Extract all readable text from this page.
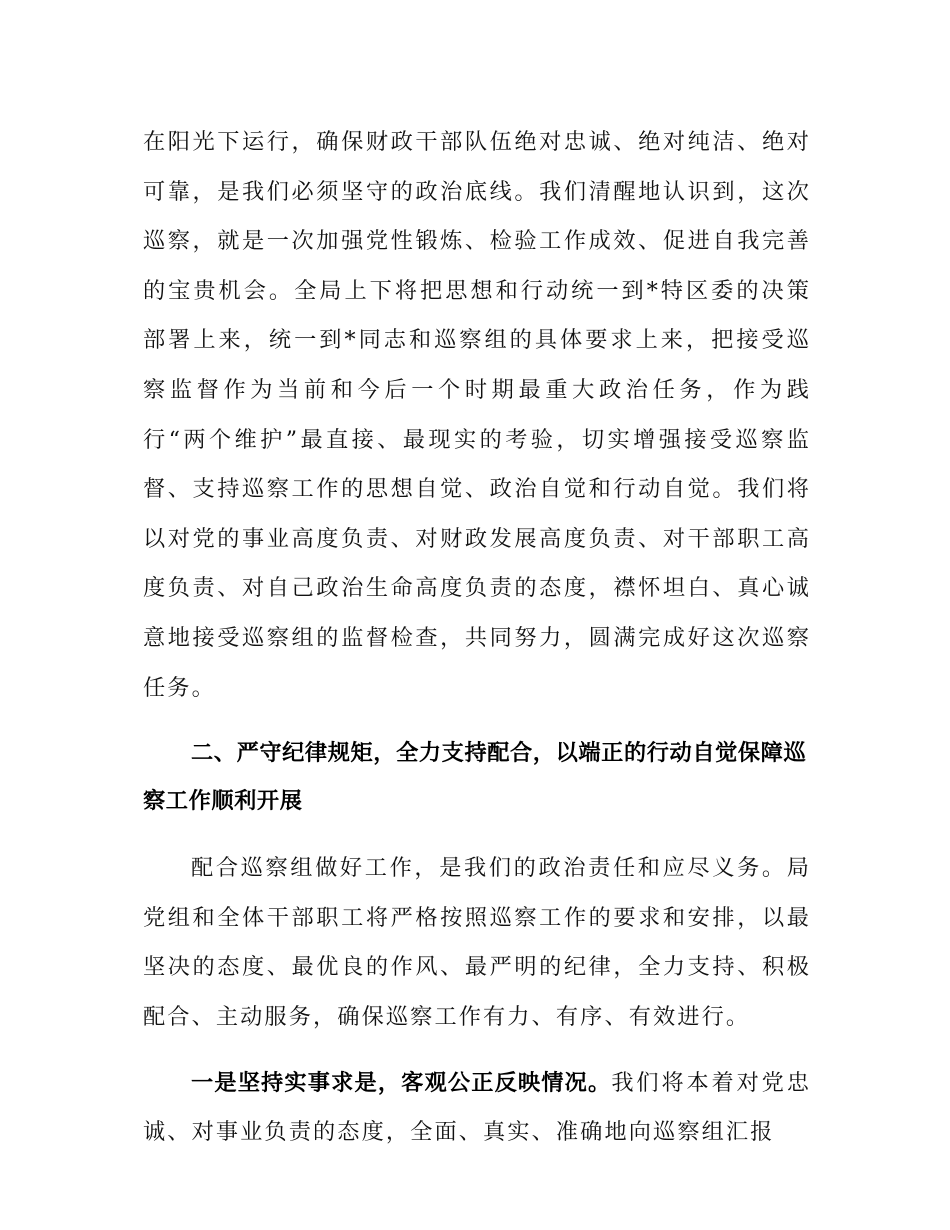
在阳光下运行，确保财政干部队伍绝对忠诚、绝对纯洁、绝对可靠，是我们必须坚守的政治底线。我们清醒地认识到，这次巡察，就是一次加强党性锻炼、检验工作成效、促进自我完善的宝贵机会。全局上下将把思想和行动统一到*特区委的决策部署上来，统一到*同志和巡察组的具体要求上来，把接受巡察监督作为当前和今后一个时期最重大政治任务，作为践行“两个维护”最直接、最现实的考验，切实增强接受巡察监督、支持巡察工作的思想自觉、政治自觉和行动自觉。我们将以对党的事业高度负责、对财政发展高度负责、对干部职工高度负责、对自己政治生命高度负责的态度，襟怀坦白、真心诚意地接受巡察组的监督检查，共同努力，圆满完成好这次巡察任务。

二、严守纪律规矩，全力支持配合，以端正的行动自觉保障巡察工作顺利开展

配合巡察组做好工作，是我们的政治责任和应尽义务。局党组和全体干部职工将严格按照巡察工作的要求和安排，以最坚决的态度、最优良的作风、最严明的纪律，全力支持、积极配合、主动服务，确保巡察工作有力、有序、有效进行。

一是坚持实事求是，客观公正反映情况。我们将本着对党忠诚、对事业负责的态度，全面、真实、准确地向巡察组汇报
